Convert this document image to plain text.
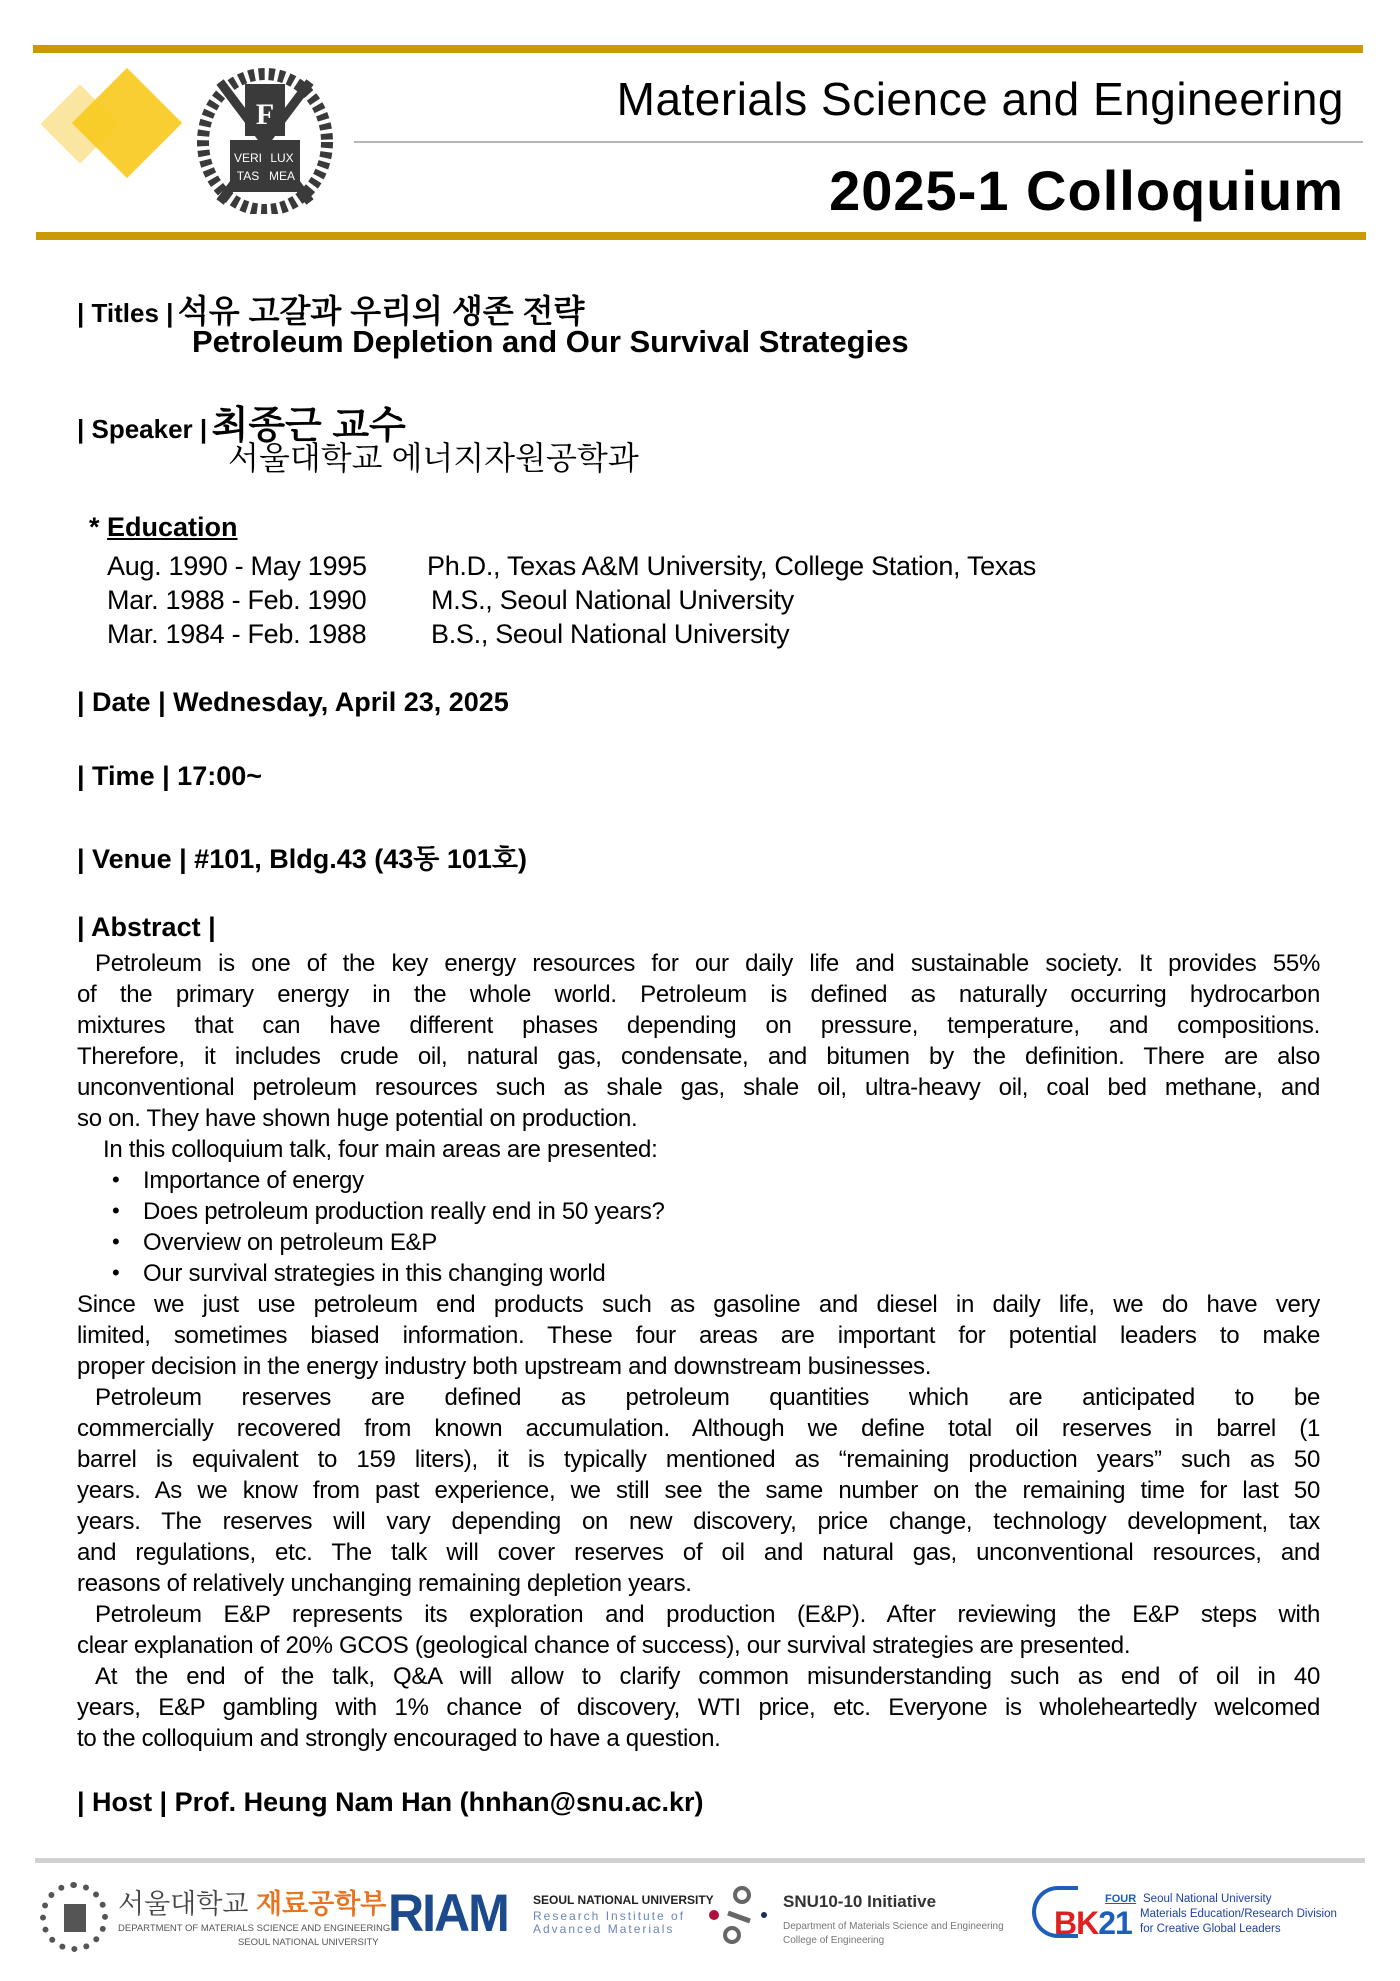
F
VERI LUX
TAS MEA
Materials Science and Engineering
2025-1 Colloquium
| Titles | 석유 고갈과 우리의 생존 전략
Petroleum Depletion and Our Survival Strategies
| Speaker | 최종근 교수
서울대학교 에너지자원공학과
* Education
Aug. 1990 - May 1995 Ph.D., Texas A&M University, College Station, Texas
Mar. 1988 - Feb. 1990 M.S., Seoul National University
Mar. 1984 - Feb. 1988 B.S., Seoul National University
| Date | Wednesday, April 23, 2025
| Time | 17:00~
| Venue | #101, Bldg.43 (43동 101호)
| Abstract |
Petroleum is one of the key energy resources for our daily life and sustainable society. It provides 55%
of the primary energy in the whole world. Petroleum is defined as naturally occurring hydrocarbon
mixtures that can have different phases depending on pressure, temperature, and compositions.
Therefore, it includes crude oil, natural gas, condensate, and bitumen by the definition. There are also
unconventional petroleum resources such as shale gas, shale oil, ultra-heavy oil, coal bed methane, and
so on. They have shown huge potential on production.
In this colloquium talk, four main areas are presented:
• Importance of energy
• Does petroleum production really end in 50 years?
• Overview on petroleum E&P
• Our survival strategies in this changing world
Since we just use petroleum end products such as gasoline and diesel in daily life, we do have very
limited, sometimes biased information. These four areas are important for potential leaders to make
proper decision in the energy industry both upstream and downstream businesses.
Petroleum reserves are defined as petroleum quantities which are anticipated to be
commercially recovered from known accumulation. Although we define total oil reserves in barrel (1
barrel is equivalent to 159 liters), it is typically mentioned as “remaining production years” such as 50
years. As we know from past experience, we still see the same number on the remaining time for last 50
years. The reserves will vary depending on new discovery, price change, technology development, tax
and regulations, etc. The talk will cover reserves of oil and natural gas, unconventional resources, and
reasons of relatively unchanging remaining depletion years.
Petroleum E&P represents its exploration and production (E&P). After reviewing the E&P steps with
clear explanation of 20% GCOS (geological chance of success), our survival strategies are presented.
At the end of the talk, Q&A will allow to clarify common misunderstanding such as end of oil in 40
years, E&P gambling with 1% chance of discovery, WTI price, etc. Everyone is wholeheartedly welcomed
to the colloquium and strongly encouraged to have a question.
| Host | Prof. Heung Nam Han (hnhan@snu.ac.kr)
서울대학교 재료공학부
DEPARTMENT OF MATERIALS SCIENCE AND ENGINEERING
SEOUL NATIONAL UNIVERSITY
RIAM SEOUL NATIONAL UNIVERSITY
Research Institute of
Advanced Materials
SNU10-10 Initiative
Department of Materials Science and Engineering
College of Engineering	BK21
FOUR Seoul National University
Materials Education/Research Division
for Creative Global Leaders
